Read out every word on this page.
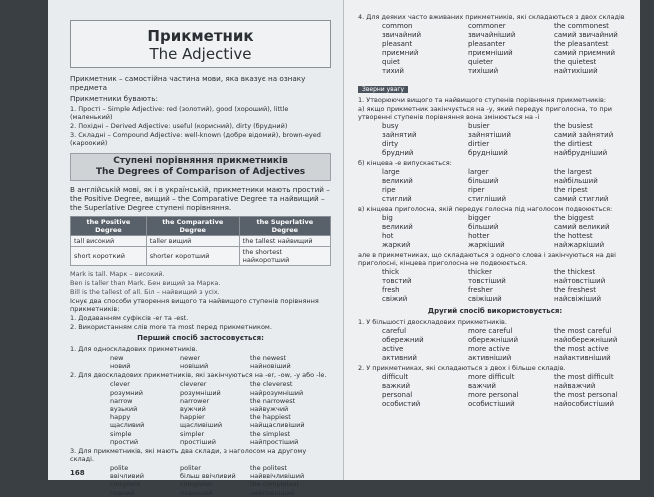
Прикметник
The Adjective

Прикметник – самостійна частина мови, яка вказує на ознаку предмета

Прикметники бувають:

1. Прості – Simple Adjective: red (золотий), good (хороший), little (маленький)

2. Похідні – Derived Adjective: useful (корисний), dirty (брудний)

3. Складні – Compound Adjective: well-known (добре відомий), brown-eyed (кароокий)

Ступені порівняння прикметників
The Degrees of Comparison of Adjectives

В англійській мові, як і в українській, прикметники мають простий – the Positive Degree, вищий – the Comparative Degree та найвищий – the Superlative Degree ступені порівняння.

the Positive Degree	the Comparative Degree	the Superlative Degree
tall високий	taller вищий	the tallest найвищий
short короткий	shorter коротший	the shortest найкоротший

Mark is tall. Марк – високий.

Ben is taller than Mark. Бен вищий за Марка.

Bill is the tallest of all. Біл – найвищий з усіх.

Існує два способи утворення вищого та найвищого ступенів порівняння прикметників:

1. Додаванням суфіксів -er та -est.

2. Використанням слів more та most перед прикметником.

Перший спосіб застосовується:

1. Для односкладових прикметників.

new	newer	the newest
новий	новіший	найновіший

2. Для двоскладових прикметників, які закінчуються на -er, -ow, -y або -le.

clever	cleverer	the cleverest
розумний	розумніший	найрозумніший
narrow	narrower	the narrowest
вузький	вужчий	найвужчий
happy	happier	the happiest
щасливий	щасливіший	найщасливіший
simple	simpler	the simplest
простий	простіший	найпростіший

3. Для прикметників, які мають два склади, з наголосом на другому складі.

polite	politer	the politest
ввічливий	більш ввічливий	найввічливіший
complete	completer	the completest
повний	повніший	найповніший
168

4. Для деяких часто вживаних прикметників, які складаються з двох складів

common	commoner	the commonest
звичайний	звичайніший	самий звичайний
pleasant	pleasanter	the pleasantest
приємний	приємніший	самий приємний
quiet	quieter	the quietest
тихий	тихіший	найтихіший
Зверни увагу

1. Утворюючи вищого та найвищого ступенів порівняння прикметників:

а) якщо прикметник закінчується на -y, який передує приголосна, то при утворенні ступенів порівняння вона змінюється на -i

busy	busier	the busiest
зайнятий	зайнятіший	самий зайнятий
dirty	dirtier	the dirtiest
брудний	брудніший	найбрудніший

б) кінцева -e випускається:

large	larger	the largest
великий	більший	найбільший
ripe	riper	the ripest
стиглий	стигліший	самий стиглий

в) кінцева приголосна, якій передує голосна під наголосом подвоюється:

big	bigger	the biggest
великий	більший	самий великий
hot	hotter	the hottest
жаркий	жаркіший	найжаркіший

але в прикметниках, що складаються з одного слова і закінчуються на дві приголосні, кінцева приголосна не подвоюється.

thick	thicker	the thickest
товстий	товстіший	найтовстіший
fresh	fresher	the freshest
свіжий	свіжіший	найсвіжіший
Другий спосіб використовується:

1. У більшості двоскладових прикметників.

careful	more careful	the most careful
обережний	обережніший	найобережніший
active	more active	the most active
активний	активніший	найактивніший

2. У прикметниках, які складаються з двох і більше складів.

difficult	more difficult	the most difficult
важкий	важчий	найважчий
personal	more personal	the most personal
особистий	особистіший	найособистіший
